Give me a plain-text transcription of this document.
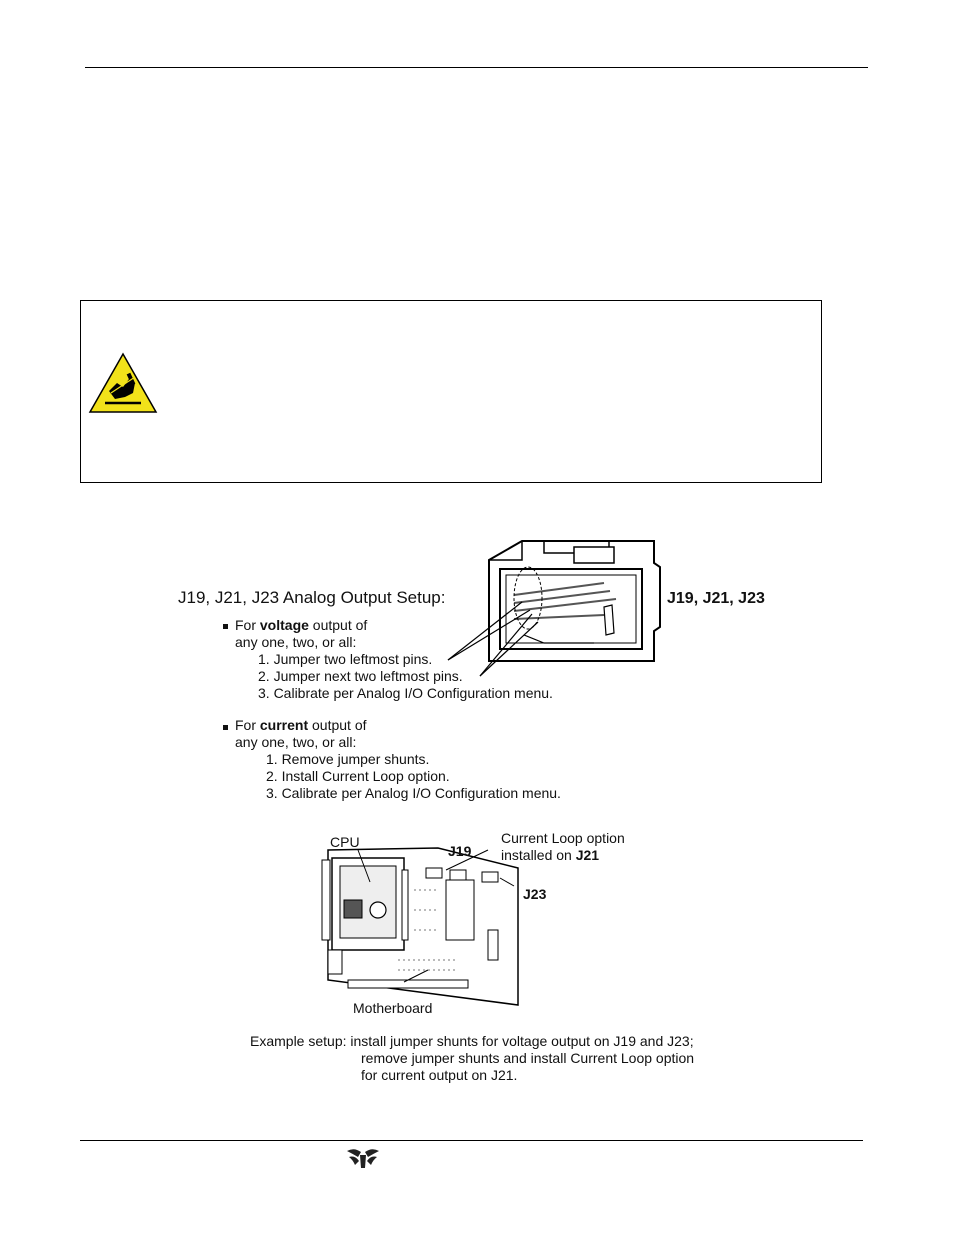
J19, J21, J23 Analog Output Setup:	J19, J21, J23
For voltage output of
any one, two, or all:
1. Jumper two leftmost pins.
2. Jumper next two leftmost pins.
3. Calibrate per Analog I/O Configuration menu.
For current output of
any one, two, or all:
1. Remove jumper shunts.
2. Install Current Loop option.
3. Calibrate per Analog I/O Configuration menu.
CPU
J19
Current Loop option
installed on J21
J23
Motherboard
Example setup: install jumper shunts for voltage output on J19 and J23;
remove jumper shunts and install Current Loop option
for current output on J21.
